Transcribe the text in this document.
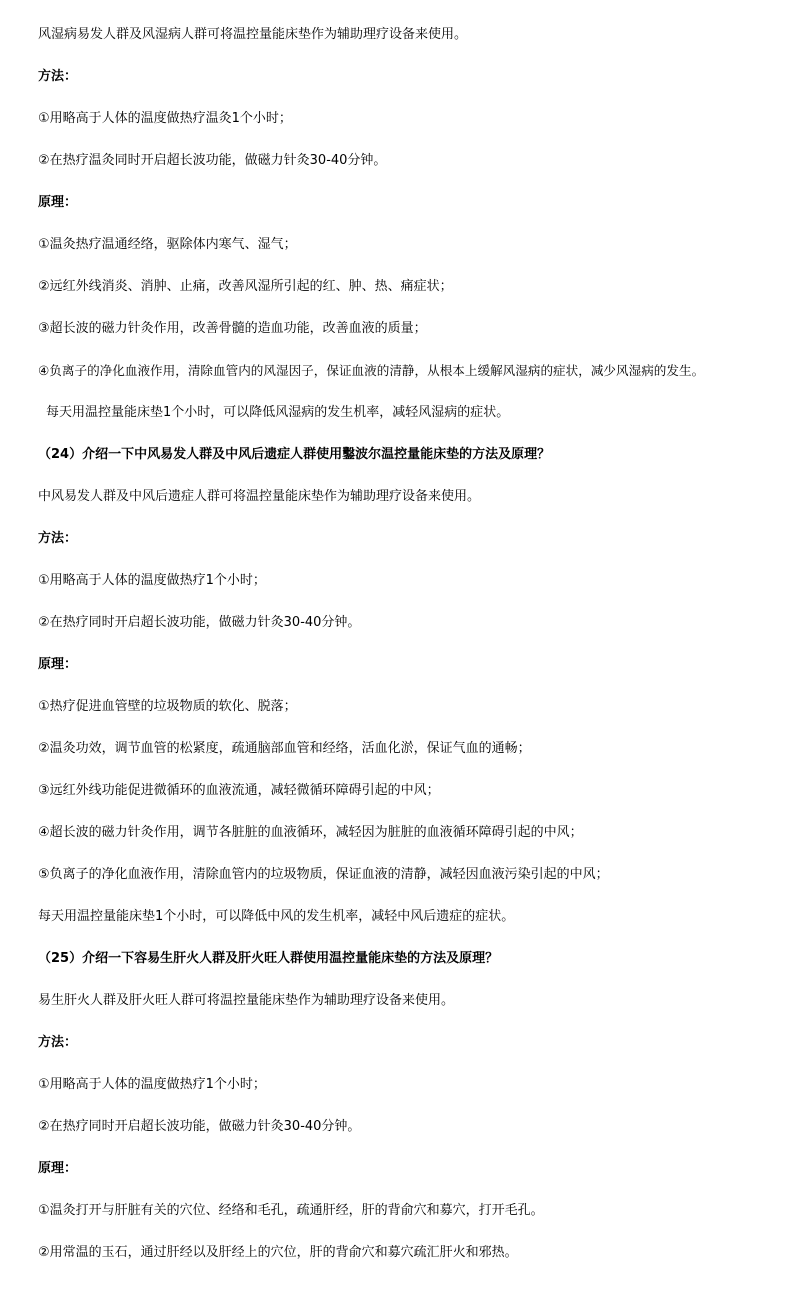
风湿病易发人群及风湿病人群可将温控量能床垫作为辅助理疗设备来使用。
方法：
①用略高于人体的温度做热疗温灸1个小时；
②在热疗温灸同时开启超长波功能，做磁力针灸30-40分钟。
原理：
①温灸热疗温通经络，驱除体内寒气、湿气；
②远红外线消炎、消肿、止痛，改善风湿所引起的红、肿、热、痛症状；
③超长波的磁力针灸作用，改善骨髓的造血功能，改善血液的质量；
④负离子的净化血液作用，清除血管内的风湿因子，保证血液的清静，从根本上缓解风湿病的症状，减少风湿病的发生。
每天用温控量能床垫1个小时，可以降低风湿病的发生机率，减轻风湿病的症状。
（24）介绍一下中风易发人群及中风后遗症人群使用鑿波尔温控量能床垫的方法及原理？
中风易发人群及中风后遗症人群可将温控量能床垫作为辅助理疗设备来使用。
方法：
①用略高于人体的温度做热疗1个小时；
②在热疗同时开启超长波功能，做磁力针灸30-40分钟。
原理：
①热疗促进血管壁的垃圾物质的软化、脱落；
②温灸功效，调节血管的松紧度，疏通脑部血管和经络，活血化淤，保证气血的通畅；
③远红外线功能促进微循环的血液流通，减轻微循环障碍引起的中风；
④超长波的磁力针灸作用，调节各脏脏的血液循环，减轻因为脏脏的血液循环障碍引起的中风；
⑤负离子的净化血液作用，清除血管内的垃圾物质，保证血液的清静，减轻因血液污染引起的中风；
每天用温控量能床垫1个小时，可以降低中风的发生机率，减轻中风后遗症的症状。
（25）介绍一下容易生肝火人群及肝火旺人群使用温控量能床垫的方法及原理？
易生肝火人群及肝火旺人群可将温控量能床垫作为辅助理疗设备来使用。
方法：
①用略高于人体的温度做热疗1个小时；
②在热疗同时开启超长波功能，做磁力针灸30-40分钟。
原理：
①温灸打开与肝脏有关的穴位、经络和毛孔，疏通肝经，肝的背俞穴和募穴，打开毛孔。
②用常温的玉石，通过肝经以及肝经上的穴位，肝的背俞穴和募穴疏汇肝火和邪热。
